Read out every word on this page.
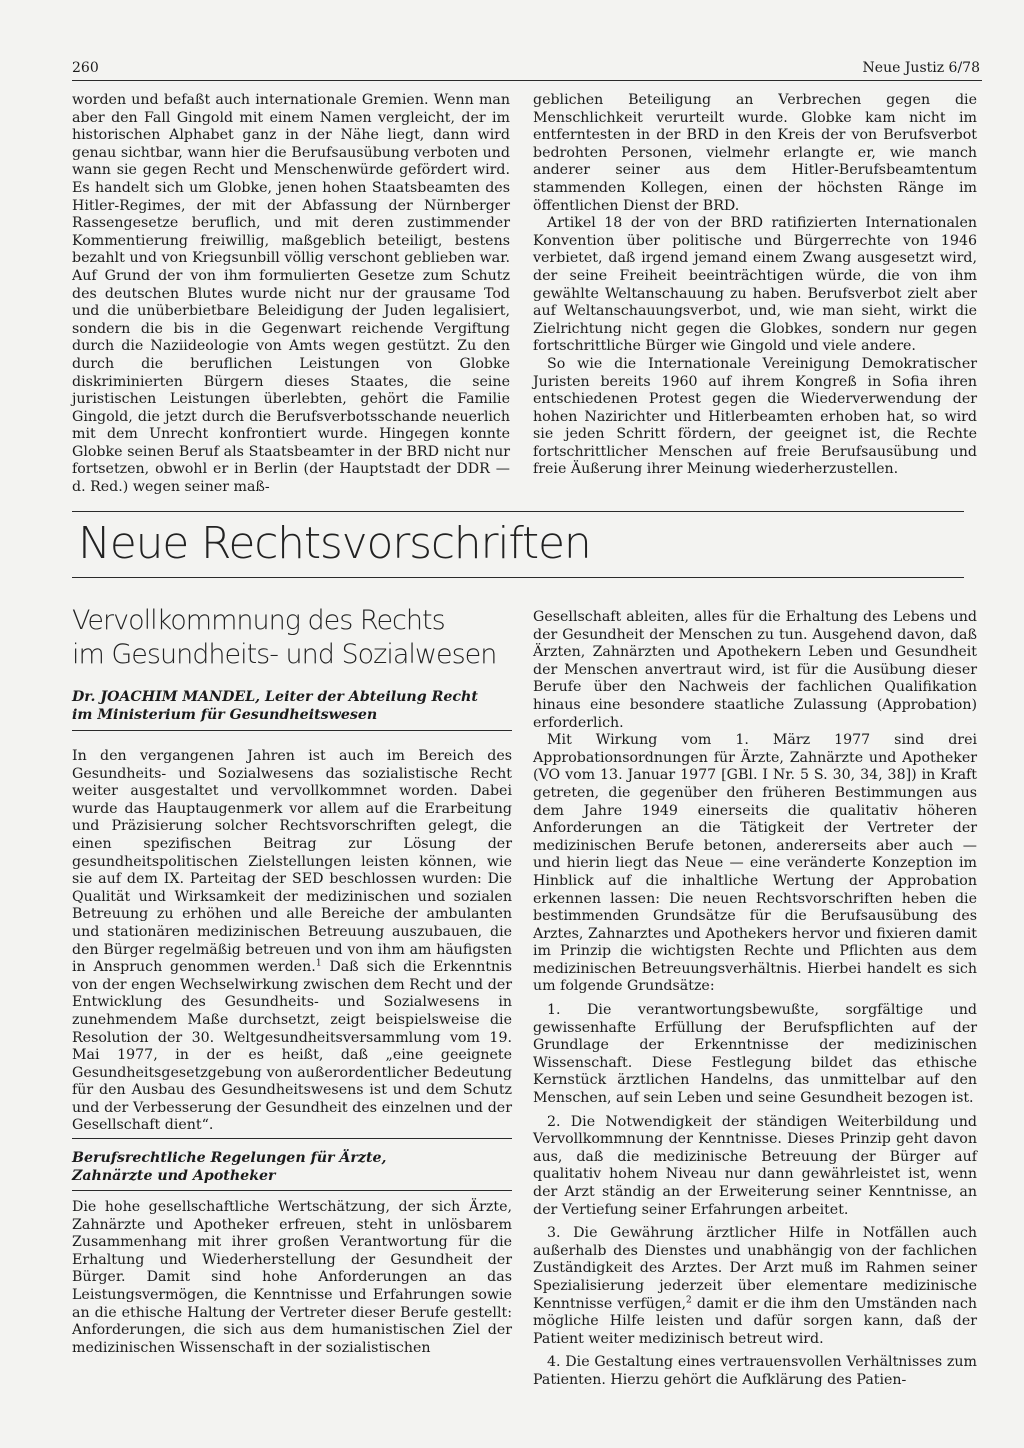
260	Neue Justiz 6/78

worden und befaßt auch internationale Gremien. Wenn man aber den Fall Gingold mit einem Namen vergleicht, der im historischen Alphabet ganz in der Nähe liegt, dann wird genau sichtbar, wann hier die Berufsausübung verboten und wann sie gegen Recht und Menschenwürde gefördert wird. Es handelt sich um Globke, jenen hohen Staatsbeamten des Hitler-Regimes, der mit der Abfassung der Nürnberger Rassengesetze beruflich, und mit deren zustimmender Kommentierung freiwillig, maßgeblich beteiligt, bestens bezahlt und von Kriegsunbill völlig verschont geblieben war. Auf Grund der von ihm formulierten Gesetze zum Schutz des deutschen Blutes wurde nicht nur der grausame Tod und die unüberbietbare Beleidigung der Juden legalisiert, sondern die bis in die Gegenwart reichende Vergiftung durch die Naziideologie von Amts wegen gestützt. Zu den durch die beruflichen Leistungen von Globke diskriminierten Bürgern dieses Staates, die seine juristischen Leistungen überlebten, gehört die Familie Gingold, die jetzt durch die Berufsverbotsschande neuerlich mit dem Unrecht konfrontiert wurde. Hingegen konnte Globke seinen Beruf als Staatsbeamter in der BRD nicht nur fortsetzen, obwohl er in Berlin (der Hauptstadt der DDR — d. Red.) wegen seiner maß-

geblichen Beteiligung an Verbrechen gegen die Menschlichkeit verurteilt wurde. Globke kam nicht im entferntesten in der BRD in den Kreis der von Berufsverbot bedrohten Personen, vielmehr erlangte er, wie manch anderer seiner aus dem Hitler-Berufsbeamtentum stammenden Kollegen, einen der höchsten Ränge im öffentlichen Dienst der BRD.

Artikel 18 der von der BRD ratifizierten Internationalen Konvention über politische und Bürgerrechte von 1946 verbietet, daß irgend jemand einem Zwang ausgesetzt wird, der seine Freiheit beeinträchtigen würde, die von ihm gewählte Weltanschauung zu haben. Berufsverbot zielt aber auf Weltanschauungsverbot, und, wie man sieht, wirkt die Zielrichtung nicht gegen die Globkes, sondern nur gegen fortschrittliche Bürger wie Gingold und viele andere.

So wie die Internationale Vereinigung Demokratischer Juristen bereits 1960 auf ihrem Kongreß in Sofia ihren entschiedenen Protest gegen die Wiederverwendung der hohen Nazirichter und Hitlerbeamten erhoben hat, so wird sie jeden Schritt fördern, der geeignet ist, die Rechte fortschrittlicher Menschen auf freie Berufsausübung und freie Äußerung ihrer Meinung wiederherzustellen.

Neue Rechtsvorschriften
Vervollkommnung des Rechts
im Gesundheits- und Sozialwesen
Dr. JOACHIM MANDEL, Leiter der Abteilung Recht
im Ministerium für Gesundheitswesen

In den vergangenen Jahren ist auch im Bereich des Gesundheits- und Sozialwesens das sozialistische Recht weiter ausgestaltet und vervollkommnet worden. Dabei wurde das Hauptaugenmerk vor allem auf die Erarbeitung und Präzisierung solcher Rechtsvorschriften gelegt, die einen spezifischen Beitrag zur Lösung der gesundheitspolitischen Zielstellungen leisten können, wie sie auf dem IX. Parteitag der SED beschlossen wurden: Die Qualität und Wirksamkeit der medizinischen und sozialen Betreuung zu erhöhen und alle Bereiche der ambulanten und stationären medizinischen Betreuung auszubauen, die den Bürger regelmäßig betreuen und von ihm am häufigsten in Anspruch genommen werden.$^1$ Daß sich die Erkenntnis von der engen Wechselwirkung zwischen dem Recht und der Entwicklung des Gesundheits- und Sozialwesens in zunehmendem Maße durchsetzt, zeigt beispielsweise die Resolution der 30. Weltgesundheitsversammlung vom 19. Mai 1977, in der es heißt, daß „eine geeignete Gesundheitsgesetzgebung von außerordentlicher Bedeutung für den Ausbau des Gesundheitswesens ist und dem Schutz und der Verbesserung der Gesundheit des einzelnen und der Gesellschaft dient“.

Berufsrechtliche Regelungen für Ärzte,
Zahnärzte und Apotheker

Die hohe gesellschaftliche Wertschätzung, der sich Ärzte, Zahnärzte und Apotheker erfreuen, steht in unlösbarem Zusammenhang mit ihrer großen Verantwortung für die Erhaltung und Wiederherstellung der Gesundheit der Bürger. Damit sind hohe Anforderungen an das Leistungsvermögen, die Kenntnisse und Erfahrungen sowie an die ethische Haltung der Vertreter dieser Berufe gestellt: Anforderungen, die sich aus dem humanistischen Ziel der medizinischen Wissenschaft in der sozialistischen

Gesellschaft ableiten, alles für die Erhaltung des Lebens und der Gesundheit der Menschen zu tun. Ausgehend davon, daß Ärzten, Zahnärzten und Apothekern Leben und Gesundheit der Menschen anvertraut wird, ist für die Ausübung dieser Berufe über den Nachweis der fachlichen Qualifikation hinaus eine besondere staatliche Zulassung (Approbation) erforderlich.

Mit Wirkung vom 1. März 1977 sind drei Approbationsordnungen für Ärzte, Zahnärzte und Apotheker (VO vom 13. Januar 1977 [GBl. I Nr. 5 S. 30, 34, 38]) in Kraft getreten, die gegenüber den früheren Bestimmungen aus dem Jahre 1949 einerseits die qualitativ höheren Anforderungen an die Tätigkeit der Vertreter der medizinischen Berufe betonen, andererseits aber auch — und hierin liegt das Neue — eine veränderte Konzeption im Hinblick auf die inhaltliche Wertung der Approbation erkennen lassen: Die neuen Rechtsvorschriften heben die bestimmenden Grundsätze für die Berufsausübung des Arztes, Zahnarztes und Apothekers hervor und fixieren damit im Prinzip die wichtigsten Rechte und Pflichten aus dem medizinischen Betreuungsverhältnis. Hierbei handelt es sich um folgende Grundsätze:

1. Die verantwortungsbewußte, sorgfältige und gewissenhafte Erfüllung der Berufspflichten auf der Grundlage der Erkenntnisse der medizinischen Wissenschaft. Diese Festlegung bildet das ethische Kernstück ärztlichen Handelns, das unmittelbar auf den Menschen, auf sein Leben und seine Gesundheit bezogen ist.

2. Die Notwendigkeit der ständigen Weiterbildung und Vervollkommnung der Kenntnisse. Dieses Prinzip geht davon aus, daß die medizinische Betreuung der Bürger auf qualitativ hohem Niveau nur dann gewährleistet ist, wenn der Arzt ständig an der Erweiterung seiner Kenntnisse, an der Vertiefung seiner Erfahrungen arbeitet.

3. Die Gewährung ärztlicher Hilfe in Notfällen auch außerhalb des Dienstes und unabhängig von der fachlichen Zuständigkeit des Arztes. Der Arzt muß im Rahmen seiner Spezialisierung jederzeit über elementare medizinische Kenntnisse verfügen,$^2$ damit er die ihm den Umständen nach mögliche Hilfe leisten und dafür sorgen kann, daß der Patient weiter medizinisch betreut wird.

4. Die Gestaltung eines vertrauensvollen Verhältnisses zum Patienten. Hierzu gehört die Aufklärung des Patien-
